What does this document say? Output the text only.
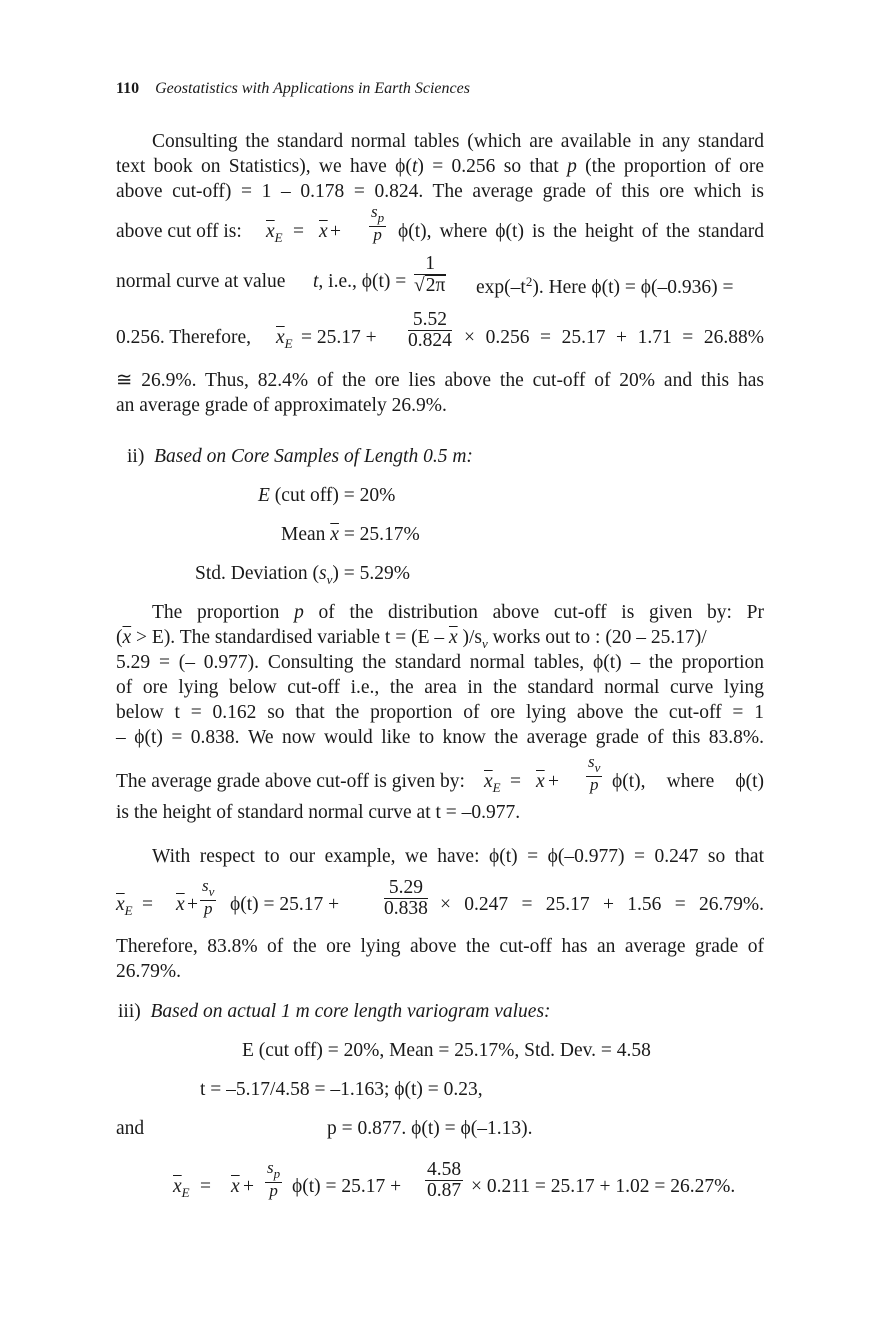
110 Geostatistics with Applications in Earth Sciences
Consulting the standard normal tables (which are available in any standard
text book on Statistics), we have ϕ(t) = 0.256 so that p (the proportion of ore
above cut-off) = 1 – 0.178 = 0.824. The average grade of this ore which is
above cut off is: $\overline{x}_E = \overline{x} + \frac{s_p}{p} \phi(t)$, where ϕ(t) is the height of the standard
normal curve at value t, i.e., $\phi(t) = \frac{1}{√2\pi} \exp(-t^2)$. Here ϕ(t) = ϕ(–0.936) =
0.256. Therefore, $\overline{x}_E = 25.17 + \frac{5.52}{0.824} \times 0.256 = 25.17 + 1.71 = 26.88\%$
≅ 26.9%. Thus, 82.4% of the ore lies above the cut-off of 20% and this has
an average grade of approximately 26.9%.
ii) Based on Core Samples of Length 0.5 m:
E (cut off) = 20%
Mean $\overline{x} = 25.17\%$
Std. Deviation $(s_v) = 5.29\%$
The proportion p of the distribution above cut-off is given by: Pr
$(\overline{x} > E)$. The standardised variable $t = (E - \overline{x}$ )$/s_v$ works out to : (20 – 25.17)/
5.29 = (– 0.977). Consulting the standard normal tables, ϕ(t) – the proportion
of ore lying below cut-off i.e., the area in the standard normal curve lying
below t = 0.162 so that the proportion of ore lying above the cut-off = 1
– ϕ(t) = 0.838. We now would like to know the average grade of this 83.8%.
The average grade above cut-off is given by: $\overline{x}_E = \overline{x} + \frac{s_v}{p} \phi(t)$, where ϕ(t)
is the height of standard normal curve at t = –0.977.
With respect to our example, we have: ϕ(t) = ϕ(–0.977) = 0.247 so that
$\overline{x}_E = \overline{x} + \frac{s_v}{p} \phi(t) = 25.17 + \frac{5.29}{0.838} \times 0.247 = 25.17 + 1.56 = 26.79\%$.
Therefore, 83.8% of the ore lying above the cut-off has an average grade of
26.79%.
iii) Based on actual 1 m core length variogram values:
E (cut off) = 20%, Mean = 25.17%, Std. Dev. = 4.58
t = –5.17/4.58 = –1.163; ϕ(t) = 0.23,
and	p = 0.877. ϕ(t) = ϕ(–1.13).
$\overline{x}_E = \overline{x} + \frac{s_p}{p} \phi(t) = 25.17 + \frac{4.58}{0.87} \times 0.211 = 25.17 + 1.02 = 26.27\%$.
